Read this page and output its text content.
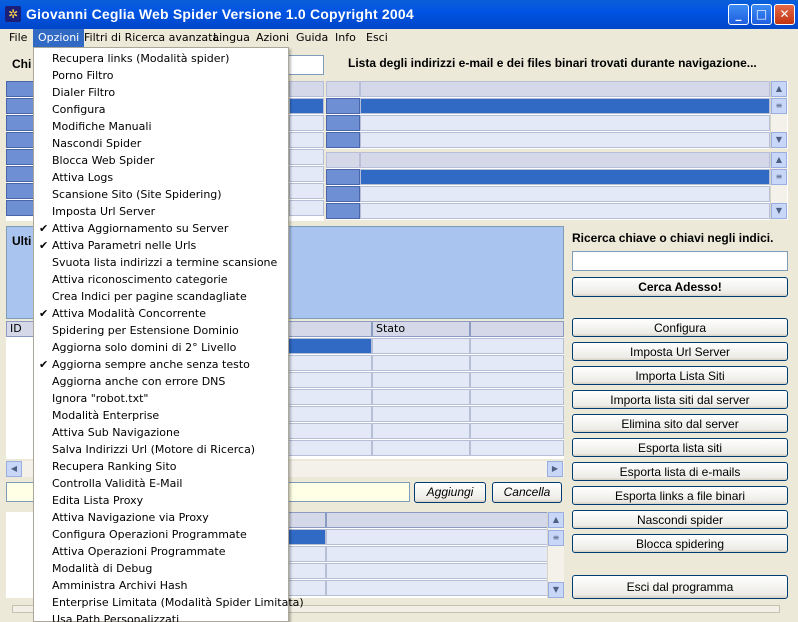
✲ Giovanni Ceglia Web Spider Versione 1.0 Copyright 2004	_	□	✕
File Opzioni Filtri di Ricerca avanzata
Lingua Azioni Guida Info Esci
Chi
Ulti
ID	Stato
◀	▶
Aggiungi	Cancella
▲
≡
▼
Lista degli indirizzi e-mail e dei files binari trovati durante navigazione...
▲
≡
▼
▲
≡
▼
Ricerca chiave o chiavi negli indici.
Cerca Adesso!
Configura
Imposta Url Server
Importa Lista Siti
Importa lista siti dal server
Elimina sito dal server
Esporta lista siti
Esporta lista di e-mails
Esporta links a file binari
Nascondi spider
Blocca spidering
Esci dal programma
Recupera links (Modalità spider)
Porno Filtro
Dialer Filtro
Configura
Modifiche Manuali
Nascondi Spider
Blocca Web Spider
Attiva Logs
Scansione Sito (Site Spidering)
Imposta Url Server
✔ Attiva Aggiornamento su Server
✔ Attiva Parametri nelle Urls
Svuota lista indirizzi a termine scansione
Attiva riconoscimento categorie
Crea Indici per pagine scandagliate
✔ Attiva Modalità Concorrente
Spidering per Estensione Dominio
Aggiorna solo domini di 2° Livello
✔ Aggiorna sempre anche senza testo
Aggiorna anche con errore DNS
Ignora "robot.txt"
Modalità Enterprise
Attiva Sub Navigazione
Salva Indirizzi Url (Motore di Ricerca)
Recupera Ranking Sito
Controlla Validità E-Mail
Edita Lista Proxy
Attiva Navigazione via Proxy
Configura Operazioni Programmate
Attiva Operazioni Programmate
Modalità di Debug
Amministra Archivi Hash
Enterprise Limitata (Modalità Spider Limitata)
Usa Path Personalizzati
